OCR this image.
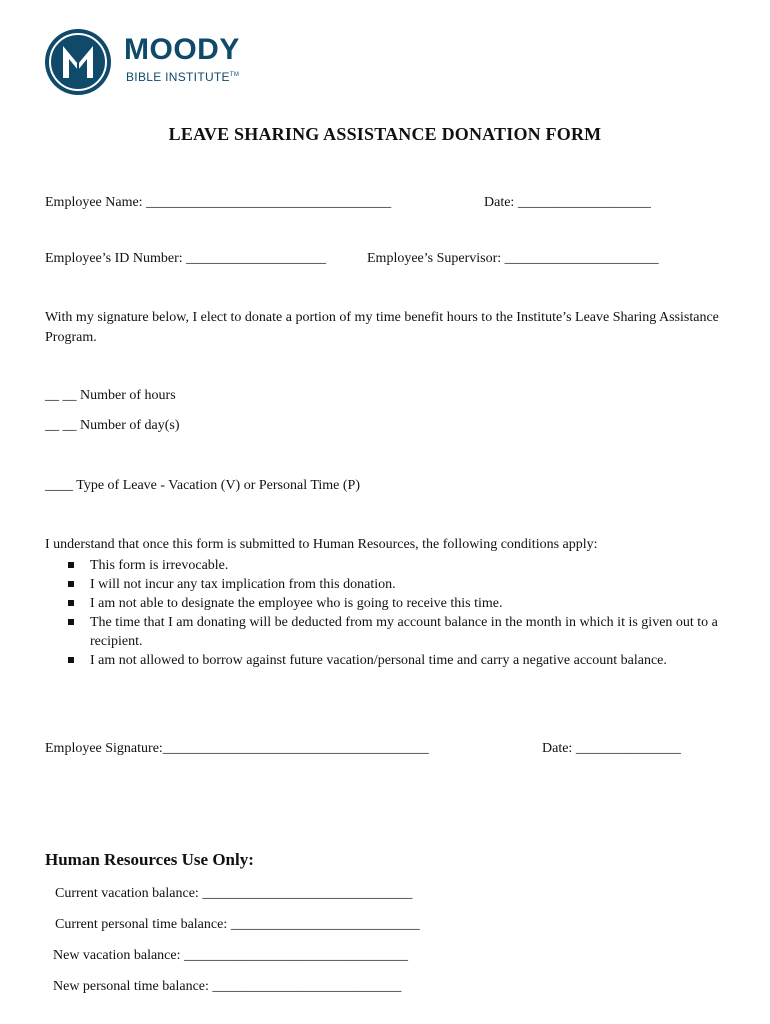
MOODY
BIBLE INSTITUTE™
LEAVE SHARING ASSISTANCE DONATION FORM
Employee Name: ___________________________________	Date: ___________________
Employee’s ID Number: ____________________	Employee’s Supervisor: ______________________
With my signature below, I elect to donate a portion of my time benefit hours to the Institute’s Leave Sharing Assistance Program.
__ __ Number of hours
__ __ Number of day(s)
____ Type of Leave - Vacation (V) or Personal Time (P)
I understand that once this form is submitted to Human Resources, the following conditions apply:
This form is irrevocable.
I will not incur any tax implication from this donation.
I am not able to designate the employee who is going to receive this time.
The time that I am donating will be deducted from my account balance in the month in which it is given out to a recipient.
I am not allowed to borrow against future vacation/personal time and carry a negative account balance.
Employee Signature:______________________________________	Date: _______________
Human Resources Use Only:
Current vacation balance: ______________________________
Current personal time balance: ___________________________
New vacation balance: ________________________________
New personal time balance: ___________________________
